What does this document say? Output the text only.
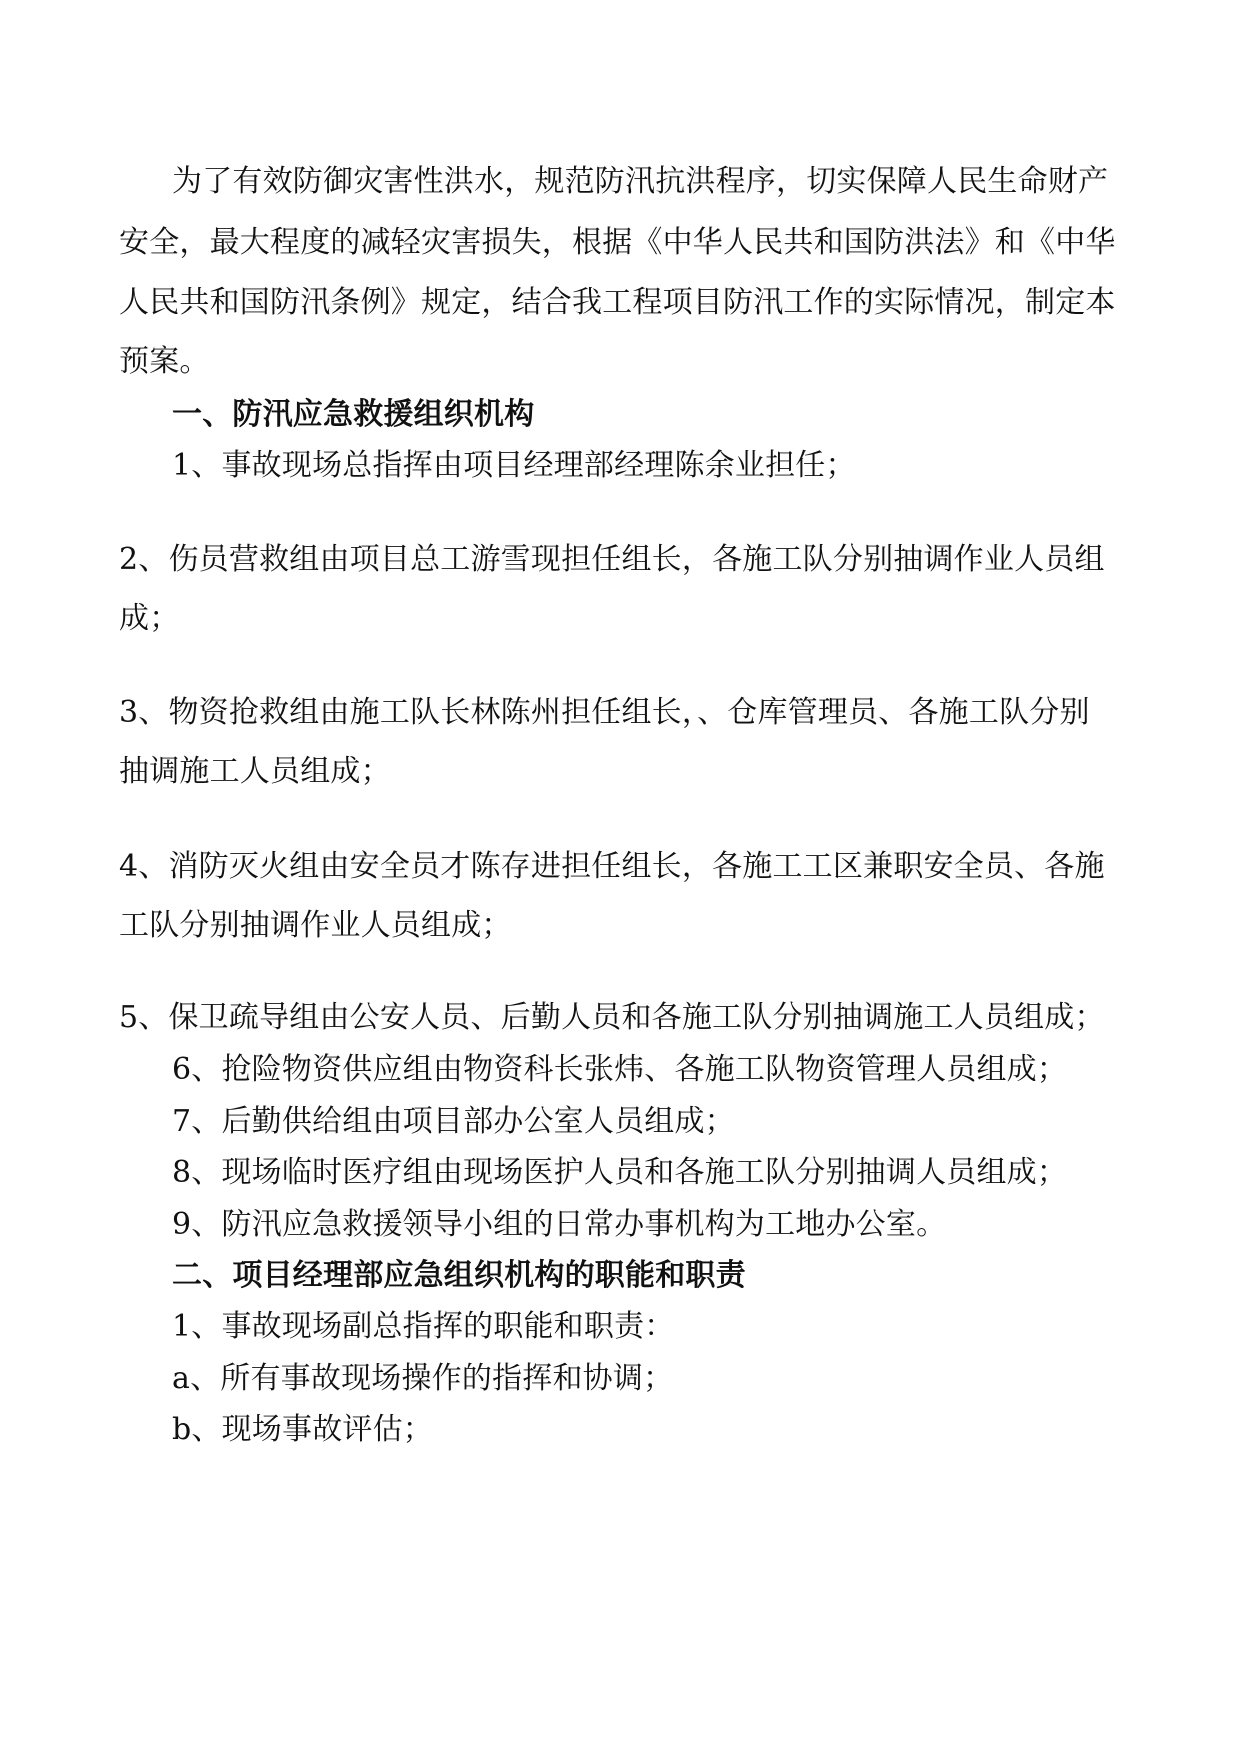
为了有效防御灾害性洪水，规范防汛抗洪程序，切实保障人民生命财产
安全，最大程度的减轻灾害损失，根据《中华人民共和国防洪法》和《中华
人民共和国防汛条例》规定，结合我工程项目防汛工作的实际情况，制定本
预案。
一、防汛应急救援组织机构
1、事故现场总指挥由项目经理部经理陈余业担任；
2、伤员营救组由项目总工游雪现担任组长，各施工队分别抽调作业人员组
成；
3、物资抢救组由施工队长林陈州担任组长，、仓库管理员、各施工队分别
抽调施工人员组成；
4、消防灭火组由安全员才陈存进担任组长，各施工工区兼职安全员、各施
工队分别抽调作业人员组成；
5、保卫疏导组由公安人员、后勤人员和各施工队分别抽调施工人员组成；
6、抢险物资供应组由物资科长张炜、各施工队物资管理人员组成；
7、后勤供给组由项目部办公室人员组成；
8、现场临时医疗组由现场医护人员和各施工队分别抽调人员组成；
9、防汛应急救援领导小组的日常办事机构为工地办公室。
二、项目经理部应急组织机构的职能和职责
1、事故现场副总指挥的职能和职责：
a、所有事故现场操作的指挥和协调；
b、现场事故评估；
